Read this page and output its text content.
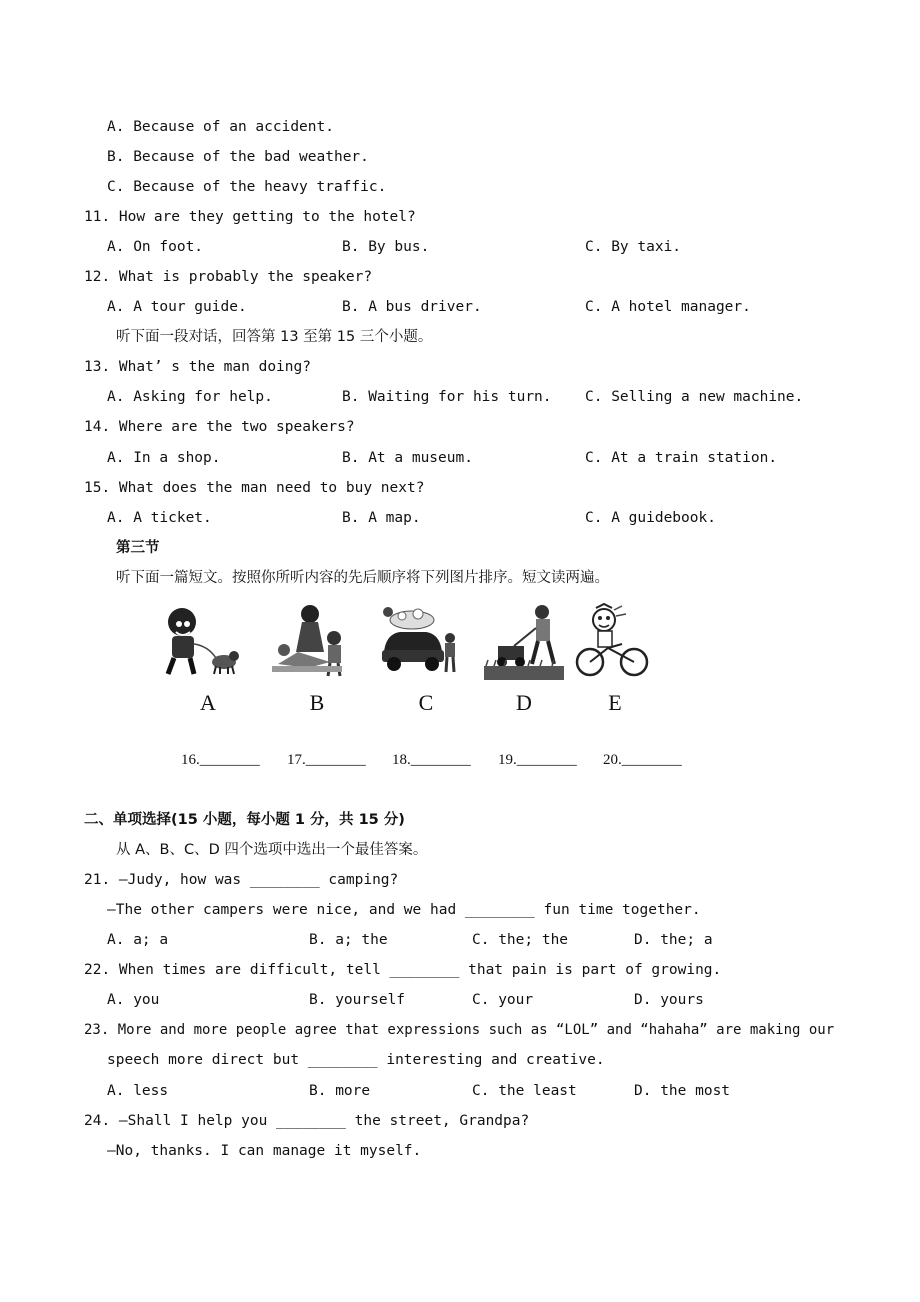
A. Because of an accident.
B. Because of the bad weather.
C. Because of the heavy traffic.
11. How are they getting to the hotel?
A. On foot.	B. By bus.	C. By taxi.
12. What is probably the speaker?
A. A tour guide.	B. A bus driver.	C. A hotel manager.
听下面一段对话，回答第 13 至第 15 三个小题。
13. What’ s the man doing?
A. Asking for help.	B. Waiting for his turn. C. Selling a new machine.
14. Where are the two speakers?
A. In a shop.	B. At a museum.	C. At a train station.
15. What does the man need to buy next?
A. A ticket.	B. A map.	C. A guidebook.
第三节
听下面一篇短文。按照你所听内容的先后顺序将下列图片排序。短文读两遍。
A	B	C	D	E
16.________ 17.________ 18.________ 19.________ 20.________
二、单项选择(15 小题，每小题 1 分，共 15 分)
从 A、B、C、D 四个选项中选出一个最佳答案。
21. —Judy, how was ________ camping?
—The other campers were nice, and we had ________ fun time together.
A. a; a	B. a; the	C. the; the	D. the; a
22. When times are difficult, tell ________ that pain is part of growing.
A. you	B. yourself	C. your	D. yours
23. More and more people agree that expressions such as “LOL” and “hahaha” are making our
speech more direct but ________ interesting and creative.
A. less	B. more	C. the least	D. the most
24. —Shall I help you ________ the street, Grandpa?
—No, thanks. I can manage it myself.
